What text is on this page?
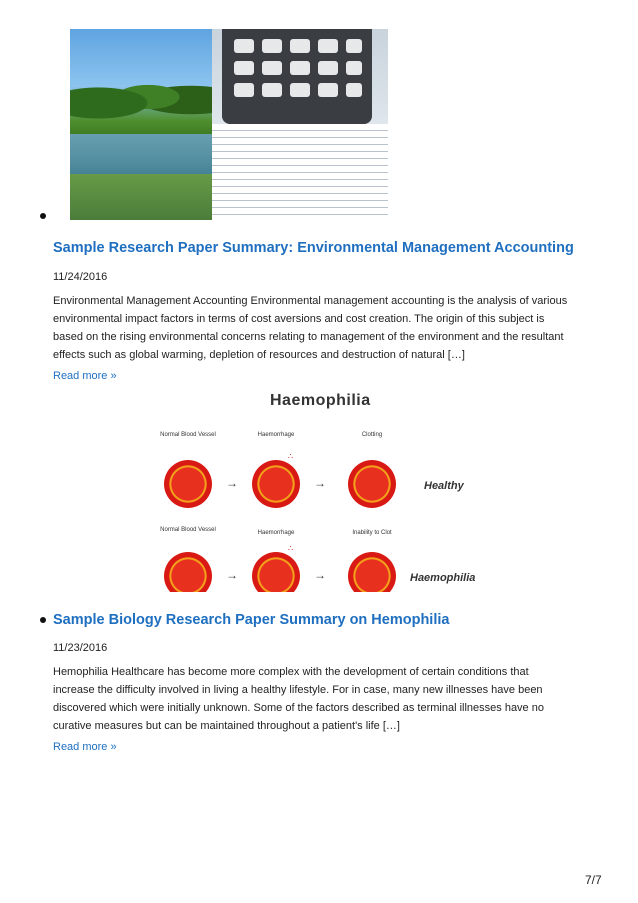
Sample Research Paper Summary: Environmental Management Accounting
11/24/2016
Environmental Management Accounting Environmental management accounting is the analysis of various
environmental impact factors in terms of cost aversions and cost creation. The origin of this subject is
based on the rising environmental concerns relating to management of the environment and the resultant
effects such as global warming, depletion of resources and destruction of natural […]
Read more »
Haemophilia
Normal Blood Vessel	Haemorrhage	Clotting
→
∴
→	Healthy
Normal Blood Vessel	Haemorrhage	Inability to Clot
→
∴
→	Haemophilia
Sample Biology Research Paper Summary on Hemophilia
11/23/2016
Hemophilia Healthcare has become more complex with the development of certain conditions that
increase the difficulty involved in living a healthy lifestyle. For in case, many new illnesses have been
discovered which were initially unknown. Some of the factors described as terminal illnesses have no
curative measures but can be maintained throughout a patient's life […]
Read more »
7/7
